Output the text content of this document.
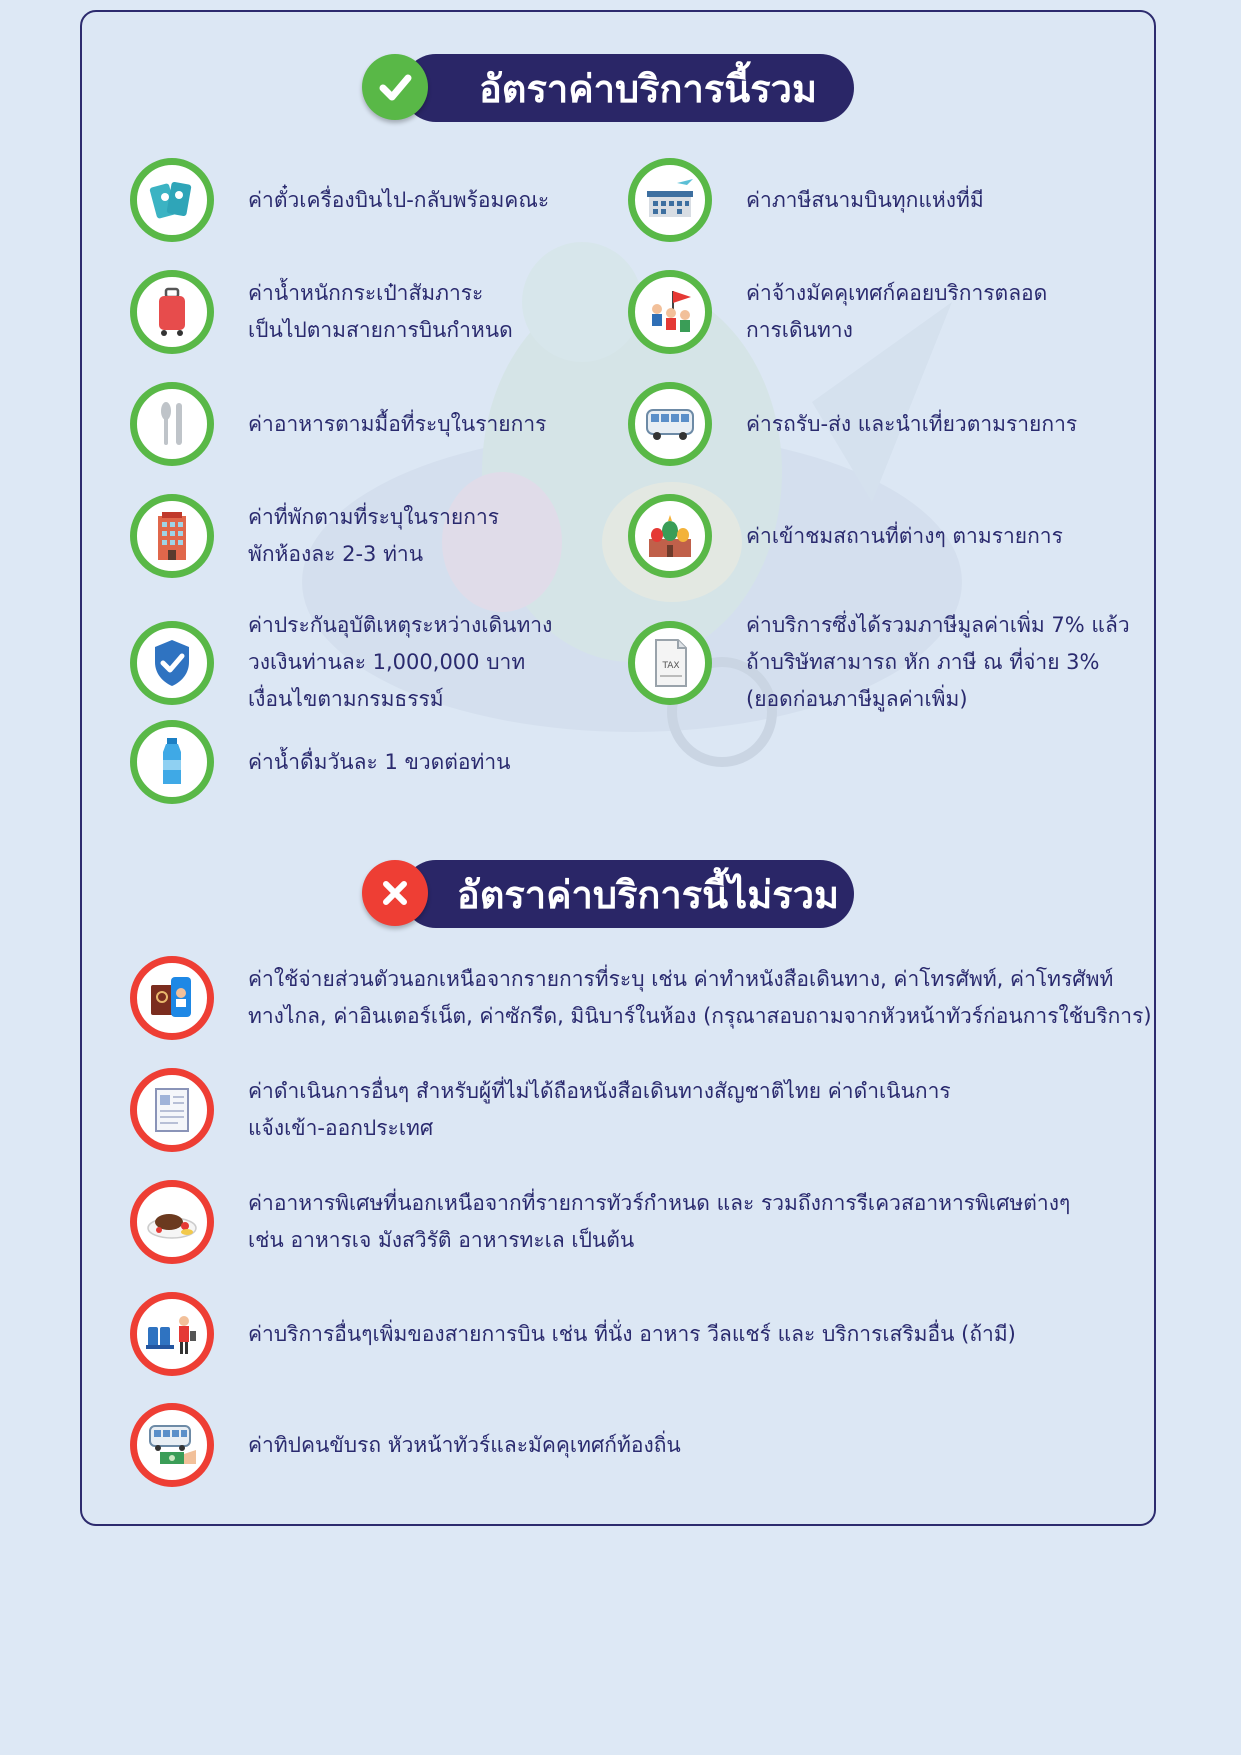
อัตราค่าบริการนี้รวม
ค่าตั๋วเครื่องบินไป-กลับพร้อมคณะ	ค่าภาษีสนามบินทุกแห่งที่มี
ค่าน้ำหนักกระเป๋าสัมภาระ
เป็นไปตามสายการบินกำหนด
ค่าจ้างมัคคุเทศก์คอยบริการตลอด
การเดินทาง
ค่าอาหารตามมื้อที่ระบุในรายการ	ค่ารถรับ-ส่ง และนำเที่ยวตามรายการ
ค่าที่พักตามที่ระบุในรายการ
พักห้องละ 2-3 ท่าน
ค่าเข้าชมสถานที่ต่างๆ ตามรายการ
ค่าประกันอุบัติเหตุระหว่างเดินทาง
วงเงินท่านละ 1,000,000 บาท
เงื่อนไขตามกรมธรรม์
TAX
ค่าบริการซึ่งได้รวมภาษีมูลค่าเพิ่ม 7% แล้ว
ถ้าบริษัทสามารถ หัก ภาษี ณ ที่จ่าย 3%
(ยอดก่อนภาษีมูลค่าเพิ่ม)
ค่าน้ำดื่มวันละ 1 ขวดต่อท่าน
อัตราค่าบริการนี้ไม่รวม
ค่าใช้จ่ายส่วนตัวนอกเหนือจากรายการที่ระบุ เช่น ค่าทำหนังสือเดินทาง, ค่าโทรศัพท์, ค่าโทรศัพท์
ทางไกล, ค่าอินเตอร์เน็ต, ค่าซักรีด, มินิบาร์ในห้อง (กรุณาสอบถามจากหัวหน้าทัวร์ก่อนการใช้บริการ)
ค่าดำเนินการอื่นๆ สำหรับผู้ที่ไม่ได้ถือหนังสือเดินทางสัญชาติไทย ค่าดำเนินการ
แจ้งเข้า-ออกประเทศ
ค่าอาหารพิเศษที่นอกเหนือจากที่รายการทัวร์กำหนด และ รวมถึงการรีเควสอาหารพิเศษต่างๆ
เช่น อาหารเจ มังสวิรัติ อาหารทะเล เป็นต้น
ค่าบริการอื่นๆเพิ่มของสายการบิน เช่น ที่นั่ง อาหาร วีลแชร์ และ บริการเสริมอื่น (ถ้ามี)
ค่าทิปคนขับรถ หัวหน้าทัวร์และมัคคุเทศก์ท้องถิ่น
